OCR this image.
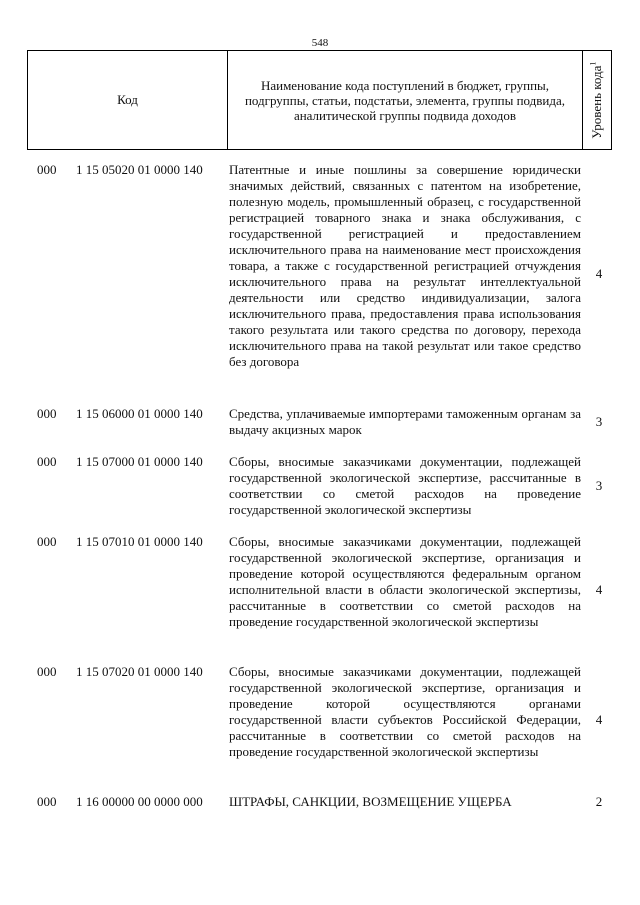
548
Код
Наименование кода поступлений в бюджет, группы, подгруппы, статьи, подстатьи, элемента, группы подвида, аналитической группы подвида доходов	Уровень кода$^1$
000 1 15 05020 01 0000 140 Патентные и иные пошлины за совершение юридически значимых действий, связанных с патентом на изобретение, полезную модель, промышленный образец, с государственной регистрацией товарного знака и знака обслуживания, с государственной регистрацией и предоставлением исключительного права на наименование мест происхождения товара, а также с государственной регистрацией отчуждения исключительного права на результат интеллектуальной деятельности или средство индивидуализации, залога исключительного права, предоставления права использования такого результата или такого средства по договору, перехода исключительного права на такой результат или такое средство без договора
4
000 1 15 06000 01 0000 140 Средства, уплачиваемые импортерами таможенным органам за выдачу акцизных марок
3
000 1 15 07000 01 0000 140 Сборы, вносимые заказчиками документации, подлежащей государственной экологической экспертизе, рассчитанные в соответствии со сметой расходов на проведение государственной экологической экспертизы
3
000 1 15 07010 01 0000 140 Сборы, вносимые заказчиками документации, подлежащей государственной экологической экспертизе, организация и проведение которой осуществляются федеральным органом исполнительной власти в области экологической экспертизы, рассчитанные в соответствии со сметой расходов на проведение государственной экологической экспертизы
4
000 1 15 07020 01 0000 140 Сборы, вносимые заказчиками документации, подлежащей государственной экологической экспертизе, организация и проведение которой осуществляются органами государственной власти субъектов Российской Федерации, рассчитанные в соответствии со сметой расходов на проведение государственной экологической экспертизы
4
000 1 16 00000 00 0000 000 ШТРАФЫ, САНКЦИИ, ВОЗМЕЩЕНИЕ УЩЕРБА	2
